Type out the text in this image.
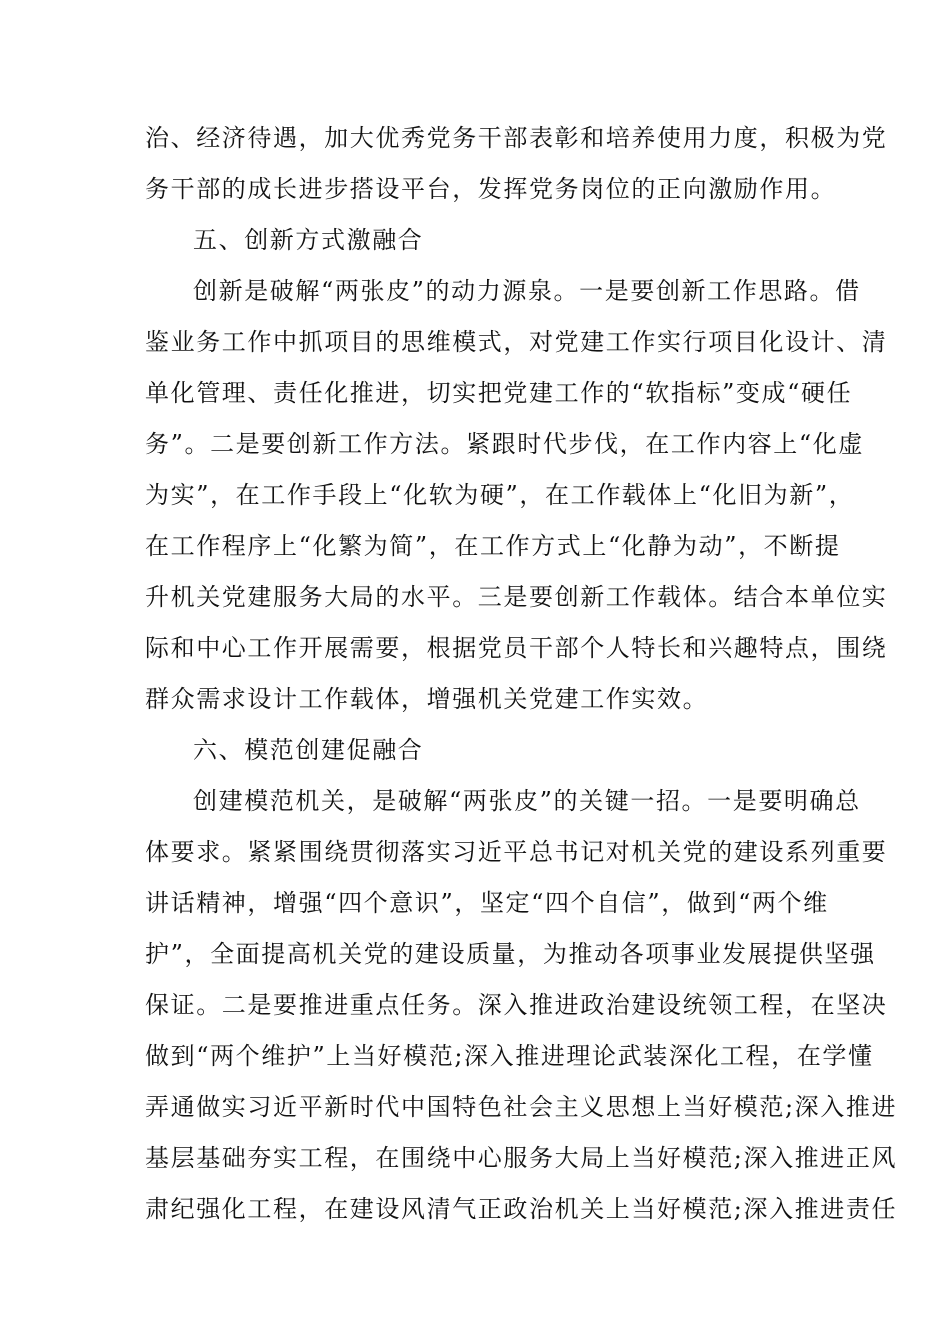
治、经济待遇，加大优秀党务干部表彰和培养使用力度，积极为党
务干部的成长进步搭设平台，发挥党务岗位的正向激励作用。
五、创新方式激融合
创新是破解“两张皮”的动力源泉。一是要创新工作思路。借
鉴业务工作中抓项目的思维模式，对党建工作实行项目化设计、清
单化管理、责任化推进，切实把党建工作的“软指标”变成“硬任
务”。二是要创新工作方法。紧跟时代步伐，在工作内容上“化虚
为实”，在工作手段上“化软为硬”，在工作载体上“化旧为新”，
在工作程序上“化繁为简”，在工作方式上“化静为动”，不断提
升机关党建服务大局的水平。三是要创新工作载体。结合本单位实
际和中心工作开展需要，根据党员干部个人特长和兴趣特点，围绕
群众需求设计工作载体，增强机关党建工作实效。
六、模范创建促融合
创建模范机关，是破解“两张皮”的关键一招。一是要明确总
体要求。紧紧围绕贯彻落实习近平总书记对机关党的建设系列重要
讲话精神，增强“四个意识”，坚定“四个自信”，做到“两个维
护”，全面提高机关党的建设质量，为推动各项事业发展提供坚强
保证。二是要推进重点任务。深入推进政治建设统领工程，在坚决
做到“两个维护”上当好模范;深入推进理论武装深化工程，在学懂
弄通做实习近平新时代中国特色社会主义思想上当好模范;深入推进
基层基础夯实工程，在围绕中心服务大局上当好模范;深入推进正风
肃纪强化工程，在建设风清气正政治机关上当好模范;深入推进责任
